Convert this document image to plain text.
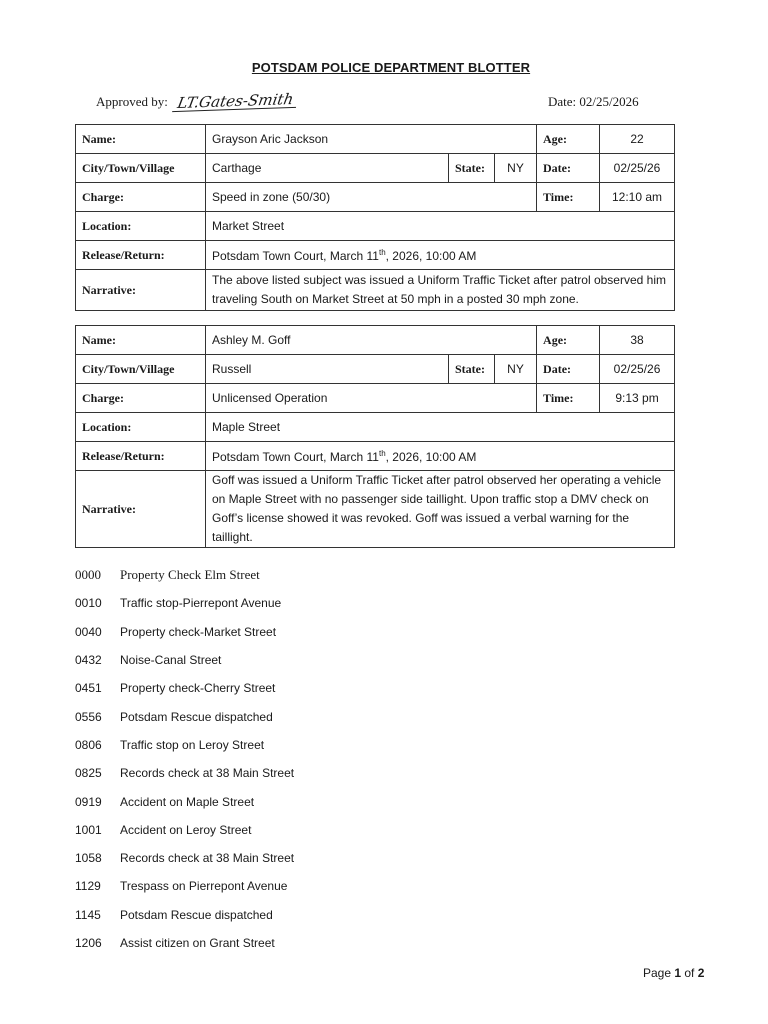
POTSDAM POLICE DEPARTMENT BLOTTER
Approved by: LT.Gates-Smith	Date: 02/25/2026
Name:	Grayson Aric Jackson			Age:	22
City/Town/Village	Carthage	State:	NY	Date:	02/25/26
Charge:	Speed in zone (50/30)			Time:	12:10 am
Location:	Market Street				
Release/Return:	Potsdam Town Court, March 11th, 2026, 10:00 AM				
Narrative:	The above listed subject was issued a Uniform Traffic Ticket after patrol observed him traveling South on Market Street at 50 mph in a posted 30 mph zone.				
Name:	Ashley M. Goff			Age:	38
City/Town/Village	Russell	State:	NY	Date:	02/25/26
Charge:	Unlicensed Operation			Time:	9:13 pm
Location:	Maple Street				
Release/Return:	Potsdam Town Court, March 11th, 2026, 10:00 AM				
Narrative:	Goff was issued a Uniform Traffic Ticket after patrol observed her operating a vehicle on Maple Street with no passenger side taillight. Upon traffic stop a DMV check on Goff’s license showed it was revoked. Goff was issued a verbal warning for the taillight.				
0000	Property Check Elm Street
0010	Traffic stop-Pierrepont Avenue
0040	Property check-Market Street
0432	Noise-Canal Street
0451	Property check-Cherry Street
0556	Potsdam Rescue dispatched
0806	Traffic stop on Leroy Street
0825	Records check at 38 Main Street
0919	Accident on Maple Street
1001	Accident on Leroy Street
1058	Records check at 38 Main Street
1129	Trespass on Pierrepont Avenue
1145	Potsdam Rescue dispatched
1206	Assist citizen on Grant Street
Page 1 of 2
